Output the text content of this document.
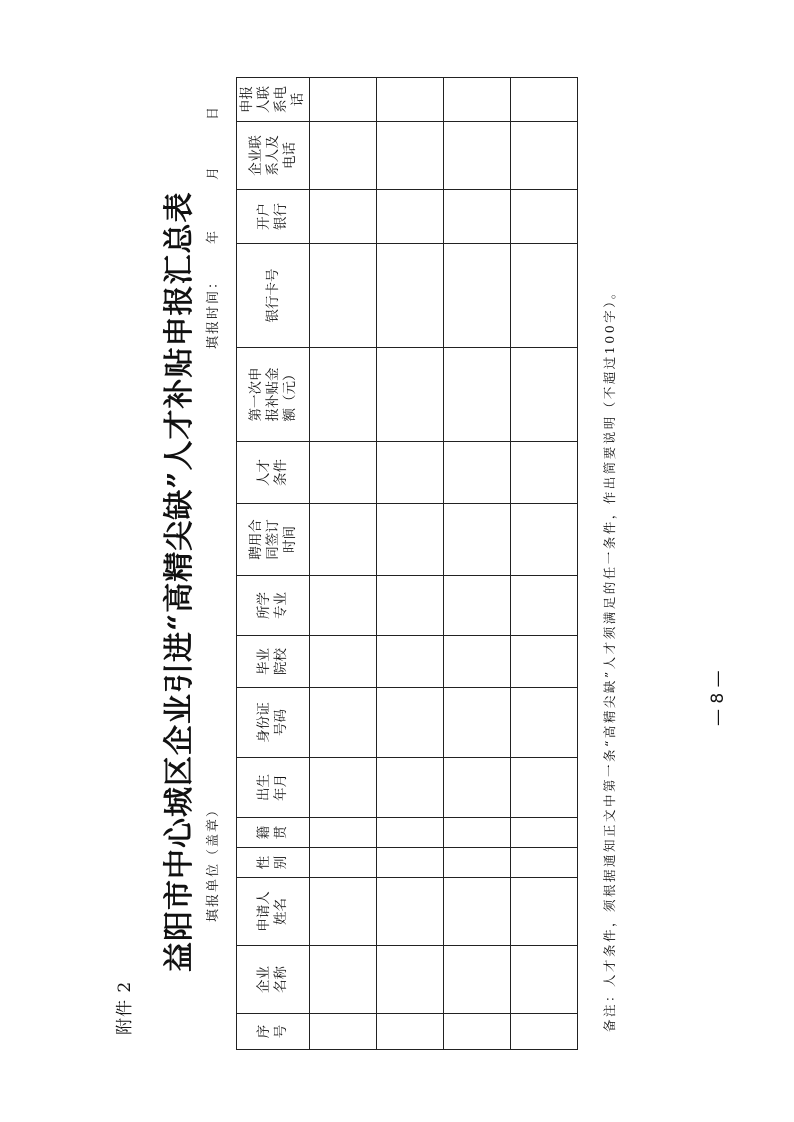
附件 2
益阳市中心城区企业引进“高精尖缺”人才补贴申报汇总表 填报单位（盖章）
填报时间：
年
月
日
序号	企业名称	申请人姓名	性别	籍贯	出生年月	身份证号码	毕业院校	所学专业	聘用合同签订时间	人才条件	第一次申报补贴金额（元）	银行卡号	开户银行	企业联系人及电话	申报人联系电话

备注：人才条件，须根据通知正文中第一条“高精尖缺”人才须满足的任一条件，作出简要说明（不超过100字）。	— 8 —
